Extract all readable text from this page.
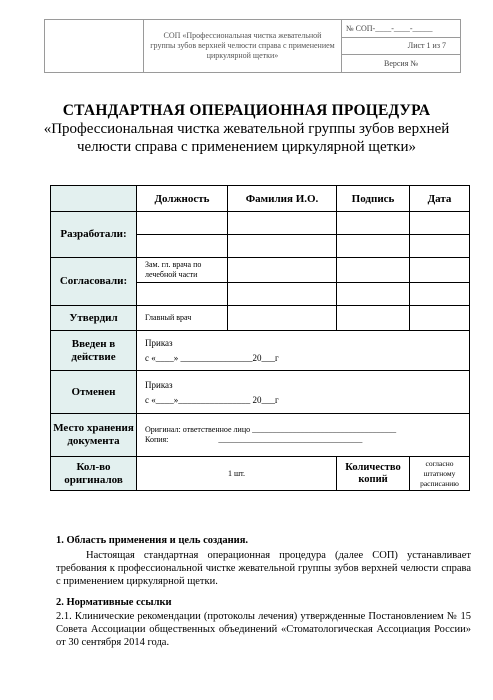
	СОП «Профессиональная чистка жевательной группы зубов верхней челюсти справа с применением циркулярной щетки»	№ СОП-____-____-_____
Лист 1 из 7
Версия №
СТАНДАРТНАЯ ОПЕРАЦИОННАЯ ПРОЦЕДУРА
«Профессиональная чистка жевательной группы зубов верхней челюсти справа с применением циркулярной щетки»
	Должность	Фамилия И.О.	Подпись	Дата
Разработали:				

Согласовали:	Зам. гл. врача по лечебной части			

Утвердил	Главный врач			
Введен в действие	Приказ
с «____» ________________20___г			

Отменен	Приказ
с «____»________________ 20___г			

Место хранения документа	Оригинал: ответственное лицо ____________________________________
Копия:                         ____________________________________			

Кол-во оригиналов	1 шт.		Количество копий	согласно штатному расписанию
1. Область применения и цель создания.
Настоящая стандартная операционная процедура (далее СОП) устанавливает требования к профессиональной чистке жевательной группы зубов верхней челюсти справа с применением циркулярной щетки.
2. Нормативные ссылки
2.1. Клинические рекомендации (протоколы лечения) утвержденные Постановлением № 15 Совета Ассоциации общественных объединений «Стоматологическая Ассоциация России» от 30 сентября 2014 года.
